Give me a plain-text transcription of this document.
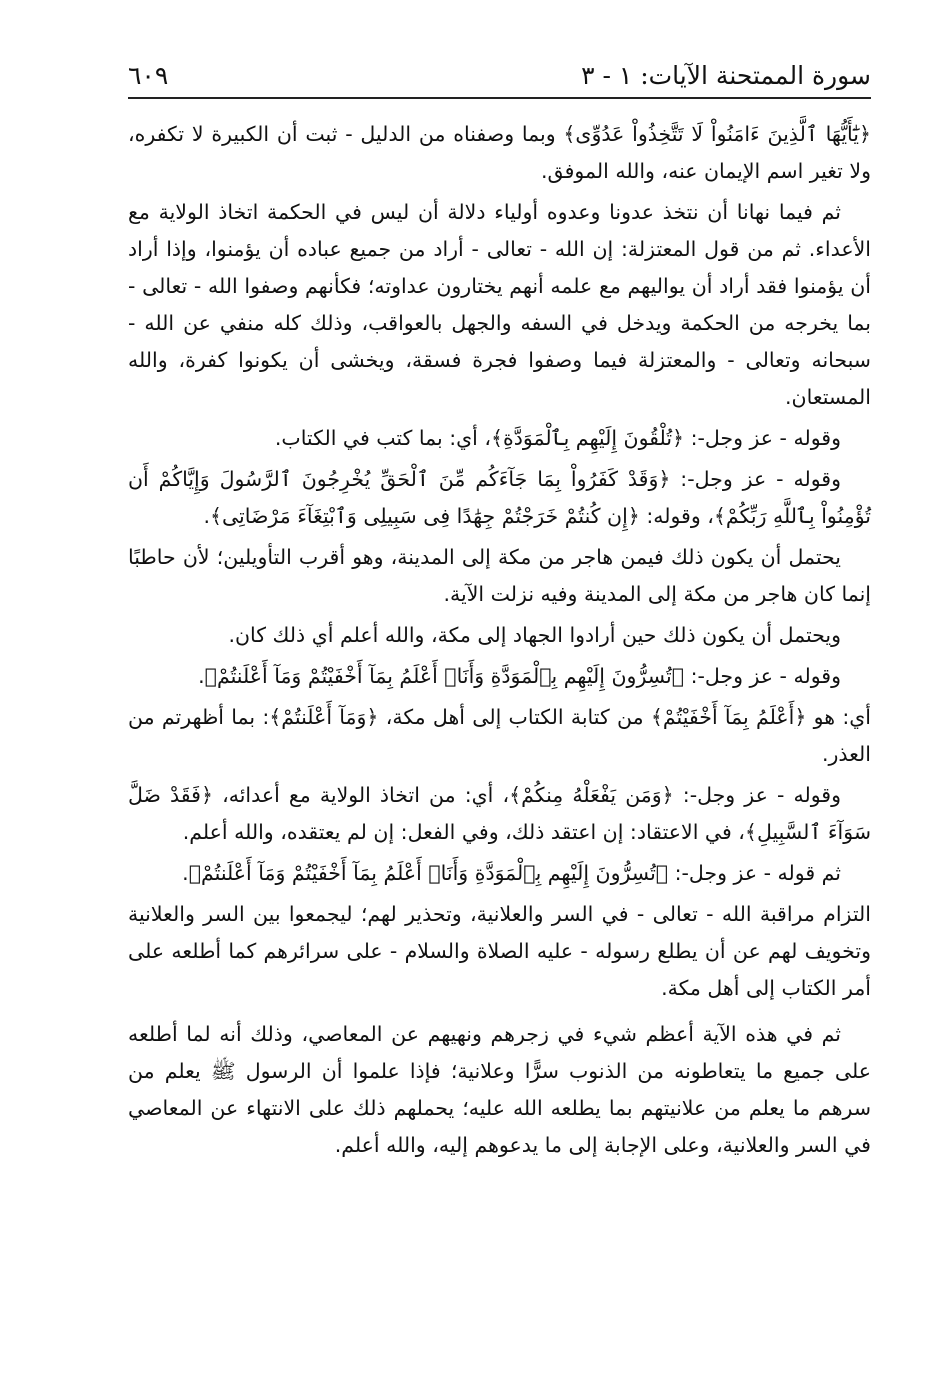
سورة الممتحنة الآيات: ١ - ٣
٦٠٩

﴿يَٰٓأَيُّهَا ٱلَّذِينَ ءَامَنُواْ لَا تَتَّخِذُواْ عَدُوِّى﴾ وبما وصفناه من الدليل - ثبت أن الكبيرة لا تكفره، ولا تغير اسم الإيمان عنه، والله الموفق.

ثم فيما نهانا أن نتخذ عدونا وعدوه أولياء دلالة أن ليس في الحكمة اتخاذ الولاية مع الأعداء. ثم من قول المعتزلة: إن الله - تعالى - أراد من جميع عباده أن يؤمنوا، وإذا أراد أن يؤمنوا فقد أراد أن يواليهم مع علمه أنهم يختارون عداوته؛ فكأنهم وصفوا الله - تعالى - بما يخرجه من الحكمة ويدخل في السفه والجهل بالعواقب، وذلك كله منفي عن الله - سبحانه وتعالى - والمعتزلة فيما وصفوا فجرة فسقة، ويخشى أن يكونوا كفرة، والله المستعان.

وقوله - عز وجل-: ﴿تُلْقُونَ إِلَيْهِم بِٱلْمَوَدَّةِ﴾، أي: بما كتب في الكتاب.

وقوله - عز وجل-: ﴿وَقَدْ كَفَرُواْ بِمَا جَآءَكُم مِّنَ ٱلْحَقِّ يُخْرِجُونَ ٱلرَّسُولَ وَإِيَّاكُمْ أَن تُؤْمِنُواْ بِٱللَّهِ رَبِّكُمْ﴾، وقوله: ﴿إِن كُنتُمْ خَرَجْتُمْ جِهَٰدًا فِى سَبِيلِى وَٱبْتِغَآءَ مَرْضَاتِى﴾.

يحتمل أن يكون ذلك فيمن هاجر من مكة إلى المدينة، وهو أقرب التأويلين؛ لأن حاطبًا إنما كان هاجر من مكة إلى المدينة وفيه نزلت الآية.

ويحتمل أن يكون ذلك حين أرادوا الجهاد إلى مكة، والله أعلم أي ذلك كان.

وقوله - عز وجل-: ﴿تُسِرُّونَ إِلَيْهِم بِٱلْمَوَدَّةِ وَأَنَا۠ أَعْلَمُ بِمَآ أَخْفَيْتُمْ وَمَآ أَعْلَنتُمْ﴾.

أي: هو ﴿أَعْلَمُ بِمَآ أَخْفَيْتُمْ﴾ من كتابة الكتاب إلى أهل مكة، ﴿وَمَآ أَعْلَنتُمْ﴾: بما أظهرتم من العذر.

وقوله - عز وجل-: ﴿وَمَن يَفْعَلْهُ مِنكُمْ﴾، أي: من اتخاذ الولاية مع أعدائه، ﴿فَقَدْ ضَلَّ سَوَآءَ ٱلسَّبِيلِ﴾، في الاعتقاد: إن اعتقد ذلك، وفي الفعل: إن لم يعتقده، والله أعلم.

ثم قوله - عز وجل-: ﴿تُسِرُّونَ إِلَيْهِم بِٱلْمَوَدَّةِ وَأَنَا۠ أَعْلَمُ بِمَآ أَخْفَيْتُمْ وَمَآ أَعْلَنتُمْ﴾.

التزام مراقبة الله - تعالى - في السر والعلانية، وتحذير لهم؛ ليجمعوا بين السر والعلانية وتخويف لهم عن أن يطلع رسوله - عليه الصلاة والسلام - على سرائرهم كما أطلعه على أمر الكتاب إلى أهل مكة.

ثم في هذه الآية أعظم شيء في زجرهم ونهيهم عن المعاصي، وذلك أنه لما أطلعه على جميع ما يتعاطونه من الذنوب سرًّا وعلانية؛ فإذا علموا أن الرسول ﷺ يعلم من سرهم ما يعلم من علانيتهم بما يطلعه الله عليه؛ يحملهم ذلك على الانتهاء عن المعاصي في السر والعلانية، وعلى الإجابة إلى ما يدعوهم إليه، والله أعلم.
